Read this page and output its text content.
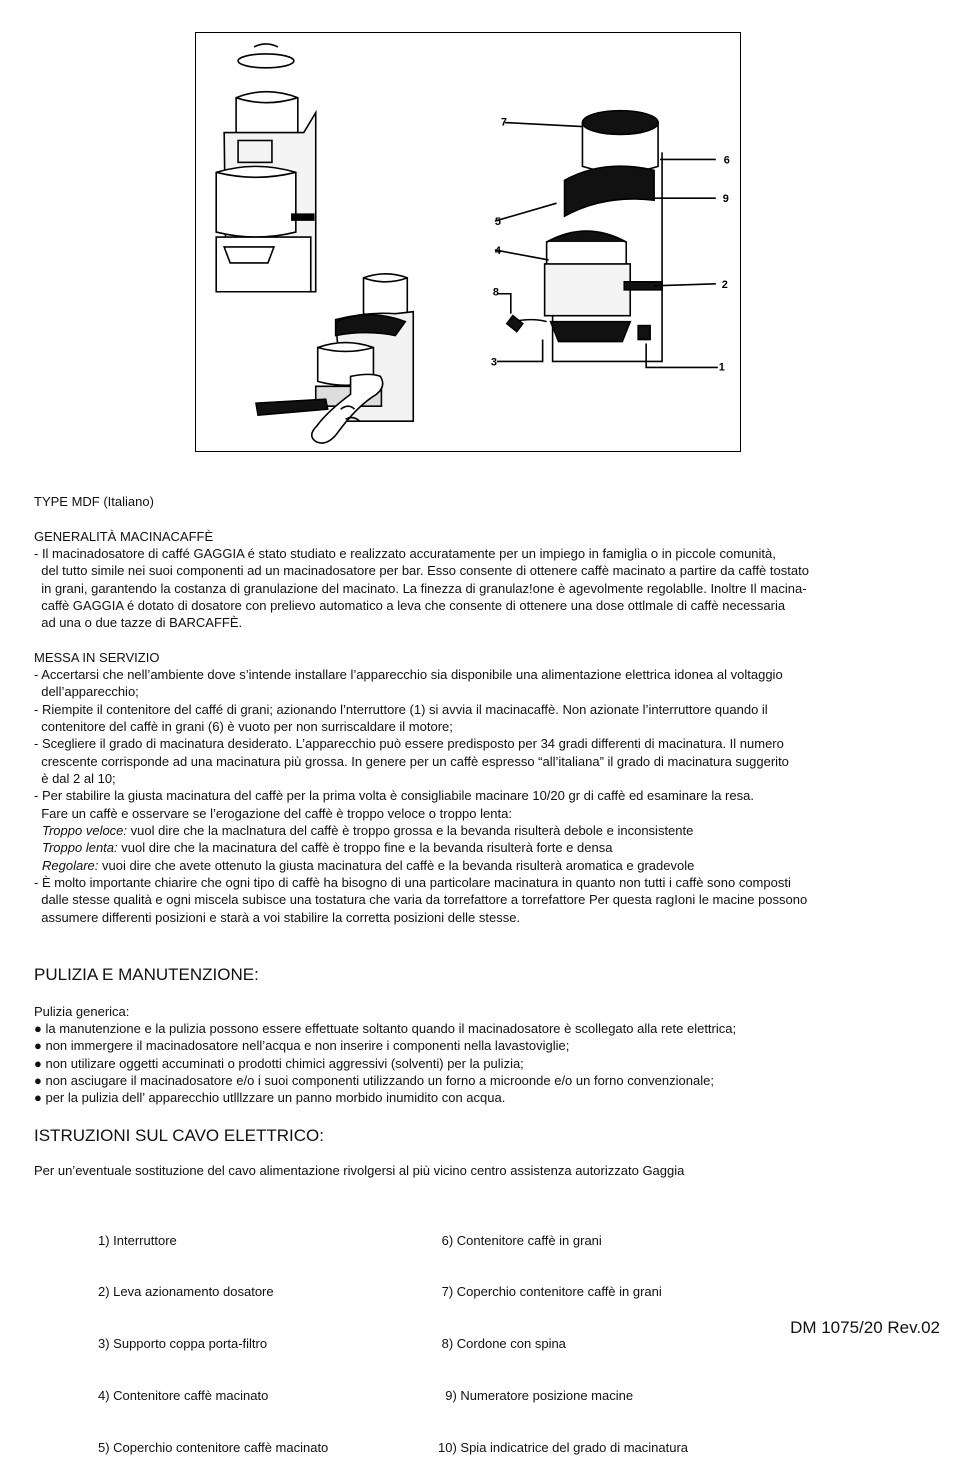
7
6
9
5
4
2
8
3	1
TYPE MDF (Italiano)
GENERALITÀ MACINACAFFÈ
- Il macinadosatore di caffé GAGGIA é stato studiato e realizzato accuratamente per un impiego in famiglia o in piccole comunità,
del tutto simile nei suoi componenti ad un macinadosatore per bar. Esso consente di ottenere caffè macinato a partire da caffè tostato
in grani, garantendo la costanza di granulazione del macinato. La finezza di granulaz!one è agevolmente regolablle. Inoltre Il macina-
caffè GAGGIA é dotato di dosatore con prelievo automatico a leva che consente di ottenere una dose ottlmale di caffè necessaria
ad una o due tazze di BARCAFFÈ.
MESSA IN SERVIZIO
- Accertarsi che nell’ambiente dove s’intende installare l’apparecchio sia disponibile una alimentazione elettrica idonea al voltaggio
dell’apparecchio;
- Riempite il contenitore del caffé di grani; azionando l’nterruttore (1) si avvia il macinacaffè. Non azionate l’interruttore quando il
contenitore del caffè in grani (6) è vuoto per non surriscaldare il motore;
- Scegliere il grado di macinatura desiderato. L’apparecchio può essere predisposto per 34 gradi differenti di macinatura. Il numero
crescente corrisponde ad una macinatura più grossa. In genere per un caffè espresso “all’italiana” il grado di macinatura suggerito
è dal 2 al 10;
- Per stabilire la giusta macinatura del caffè per la prima volta è consigliabile macinare 10/20 gr di caffè ed esaminare la resa.
Fare un caffè e osservare se l’erogazione del caffè è troppo veloce o troppo lenta:
Troppo veloce: vuol dire che la maclnatura del caffè è troppo grossa e la bevanda risulterà debole e inconsistente
Troppo lenta: vuol dire che la macinatura del caffè è troppo fine e la bevanda risulterà forte e densa
Regolare: vuoi dire che avete ottenuto la giusta macinatura del caffè e la bevanda risulterà aromatica e gradevole
- È molto importante chiarire che ogni tipo di caffè ha bisogno di una particolare macinatura in quanto non tutti i caffè sono composti
dalle stesse qualità e ogni miscela subisce una tostatura che varia da torrefattore a torrefattore Per questa ragIoni le macine possono
assumere differenti posizioni e starà a voi stabilire la corretta posizioni delle stesse.
PULIZIA E MANUTENZIONE:
Pulizia generica:
● la manutenzione e la pulizia possono essere effettuate soltanto quando il macinadosatore è scollegato alla rete elettrica;
● non immergere il macinadosatore nell’acqua e non inserire i componenti nella lavastoviglie;
● non utilizare oggetti accuminati o prodotti chimici aggressivi (solventi) per la pulizia;
● non asciugare il macinadosatore e/o i suoi componenti utilizzando un forno a microonde e/o un forno convenzionale;
● per la pulizia dell’ apparecchio utlllzzare un panno morbido inumidito con acqua.
ISTRUZIONI SUL CAVO ELETTRICO:
Per un’eventuale sostituzione del cavo alimentazione rivolgersi al più vicino centro assistenza autorizzato Gaggia

1) Interruttore

2) Leva azionamento dosatore

3) Supporto coppa porta-filtro

4) Contenitore caffè macinato

5) Coperchio contenitore caffè macinato

6) Contenitore caffè in grani

7) Coperchio contenitore caffè in grani

8) Cordone con spina

9) Numeratore posizione macine

10) Spia indicatrice del grado di macinatura

DM 1075/20 Rev.02
